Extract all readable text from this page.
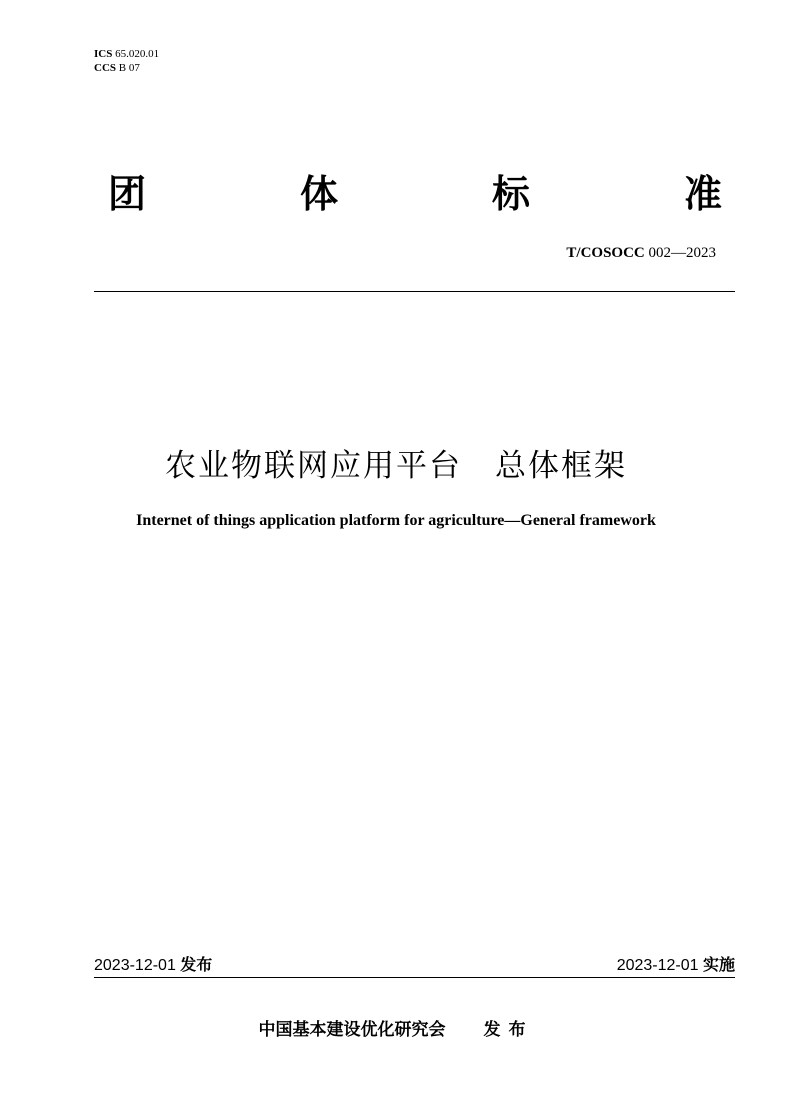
ICS 65.020.01
CCS B 07
团	体	标	准
T/COSOCC 002—2023
农业物联网应用平台　总体框架
Internet of things application platform for agriculture—General framework
2023-12-01 发布	2023-12-01 实施
中国基本建设优化研究会 发布
